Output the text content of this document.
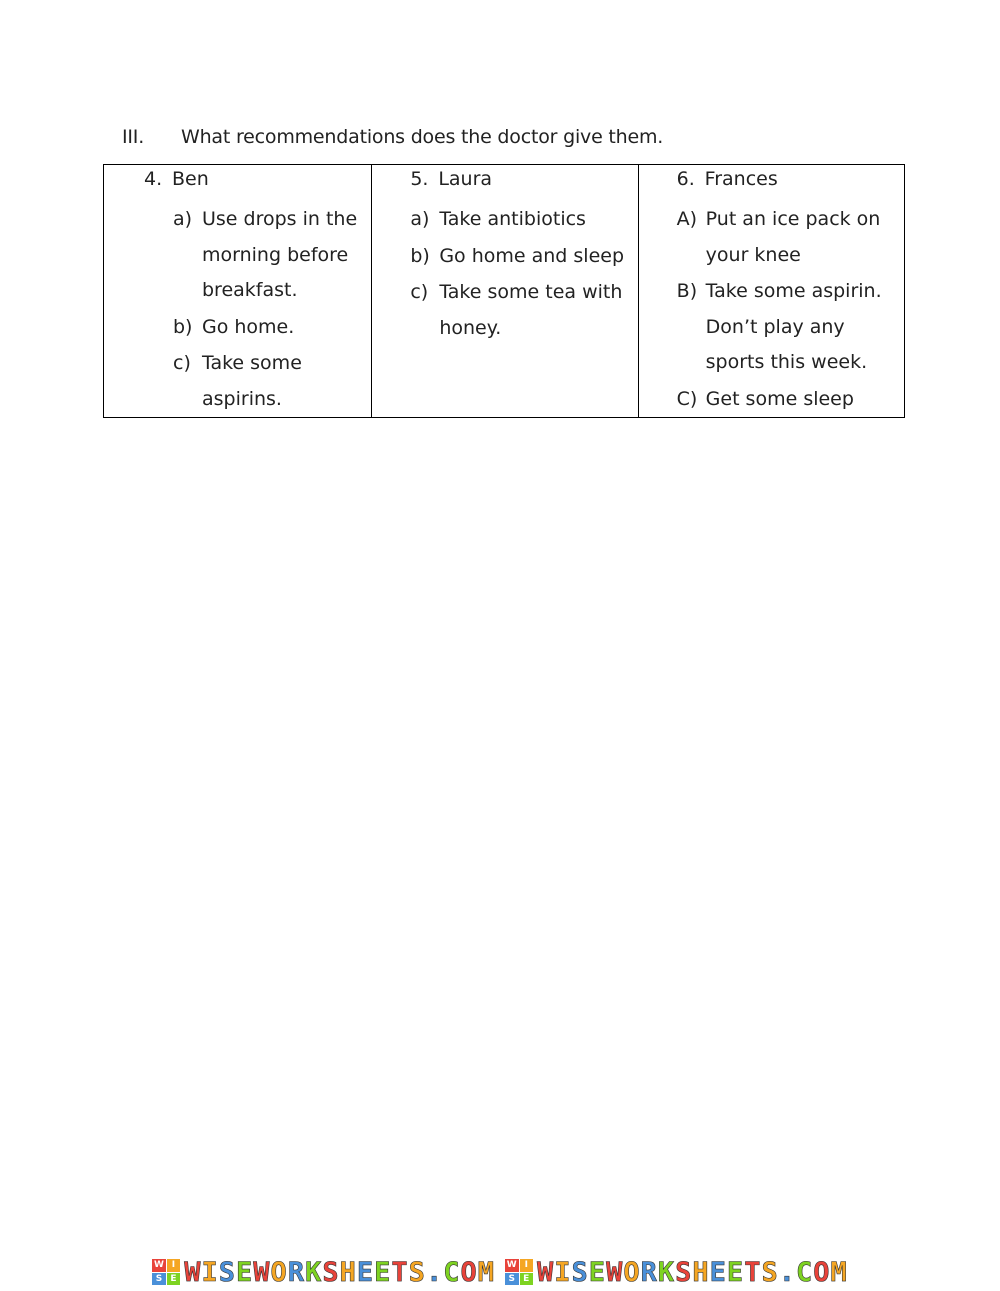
III. What recommendations does the doctor give them.
4. Ben
a) Use drops in the morning before breakfast.
b) Go home.
c) Take some aspirins.
5. Laura
a) Take antibiotics
b) Go home and sleep
c) Take some tea with honey.
6. Frances
A) Put an ice pack on your knee
B) Take some aspirin. Don’t play any sports this week.
C) Get some sleep
W I
S E WISEWORKSHEETS.COM W I
S E WISEWORKSHEETS.COM
